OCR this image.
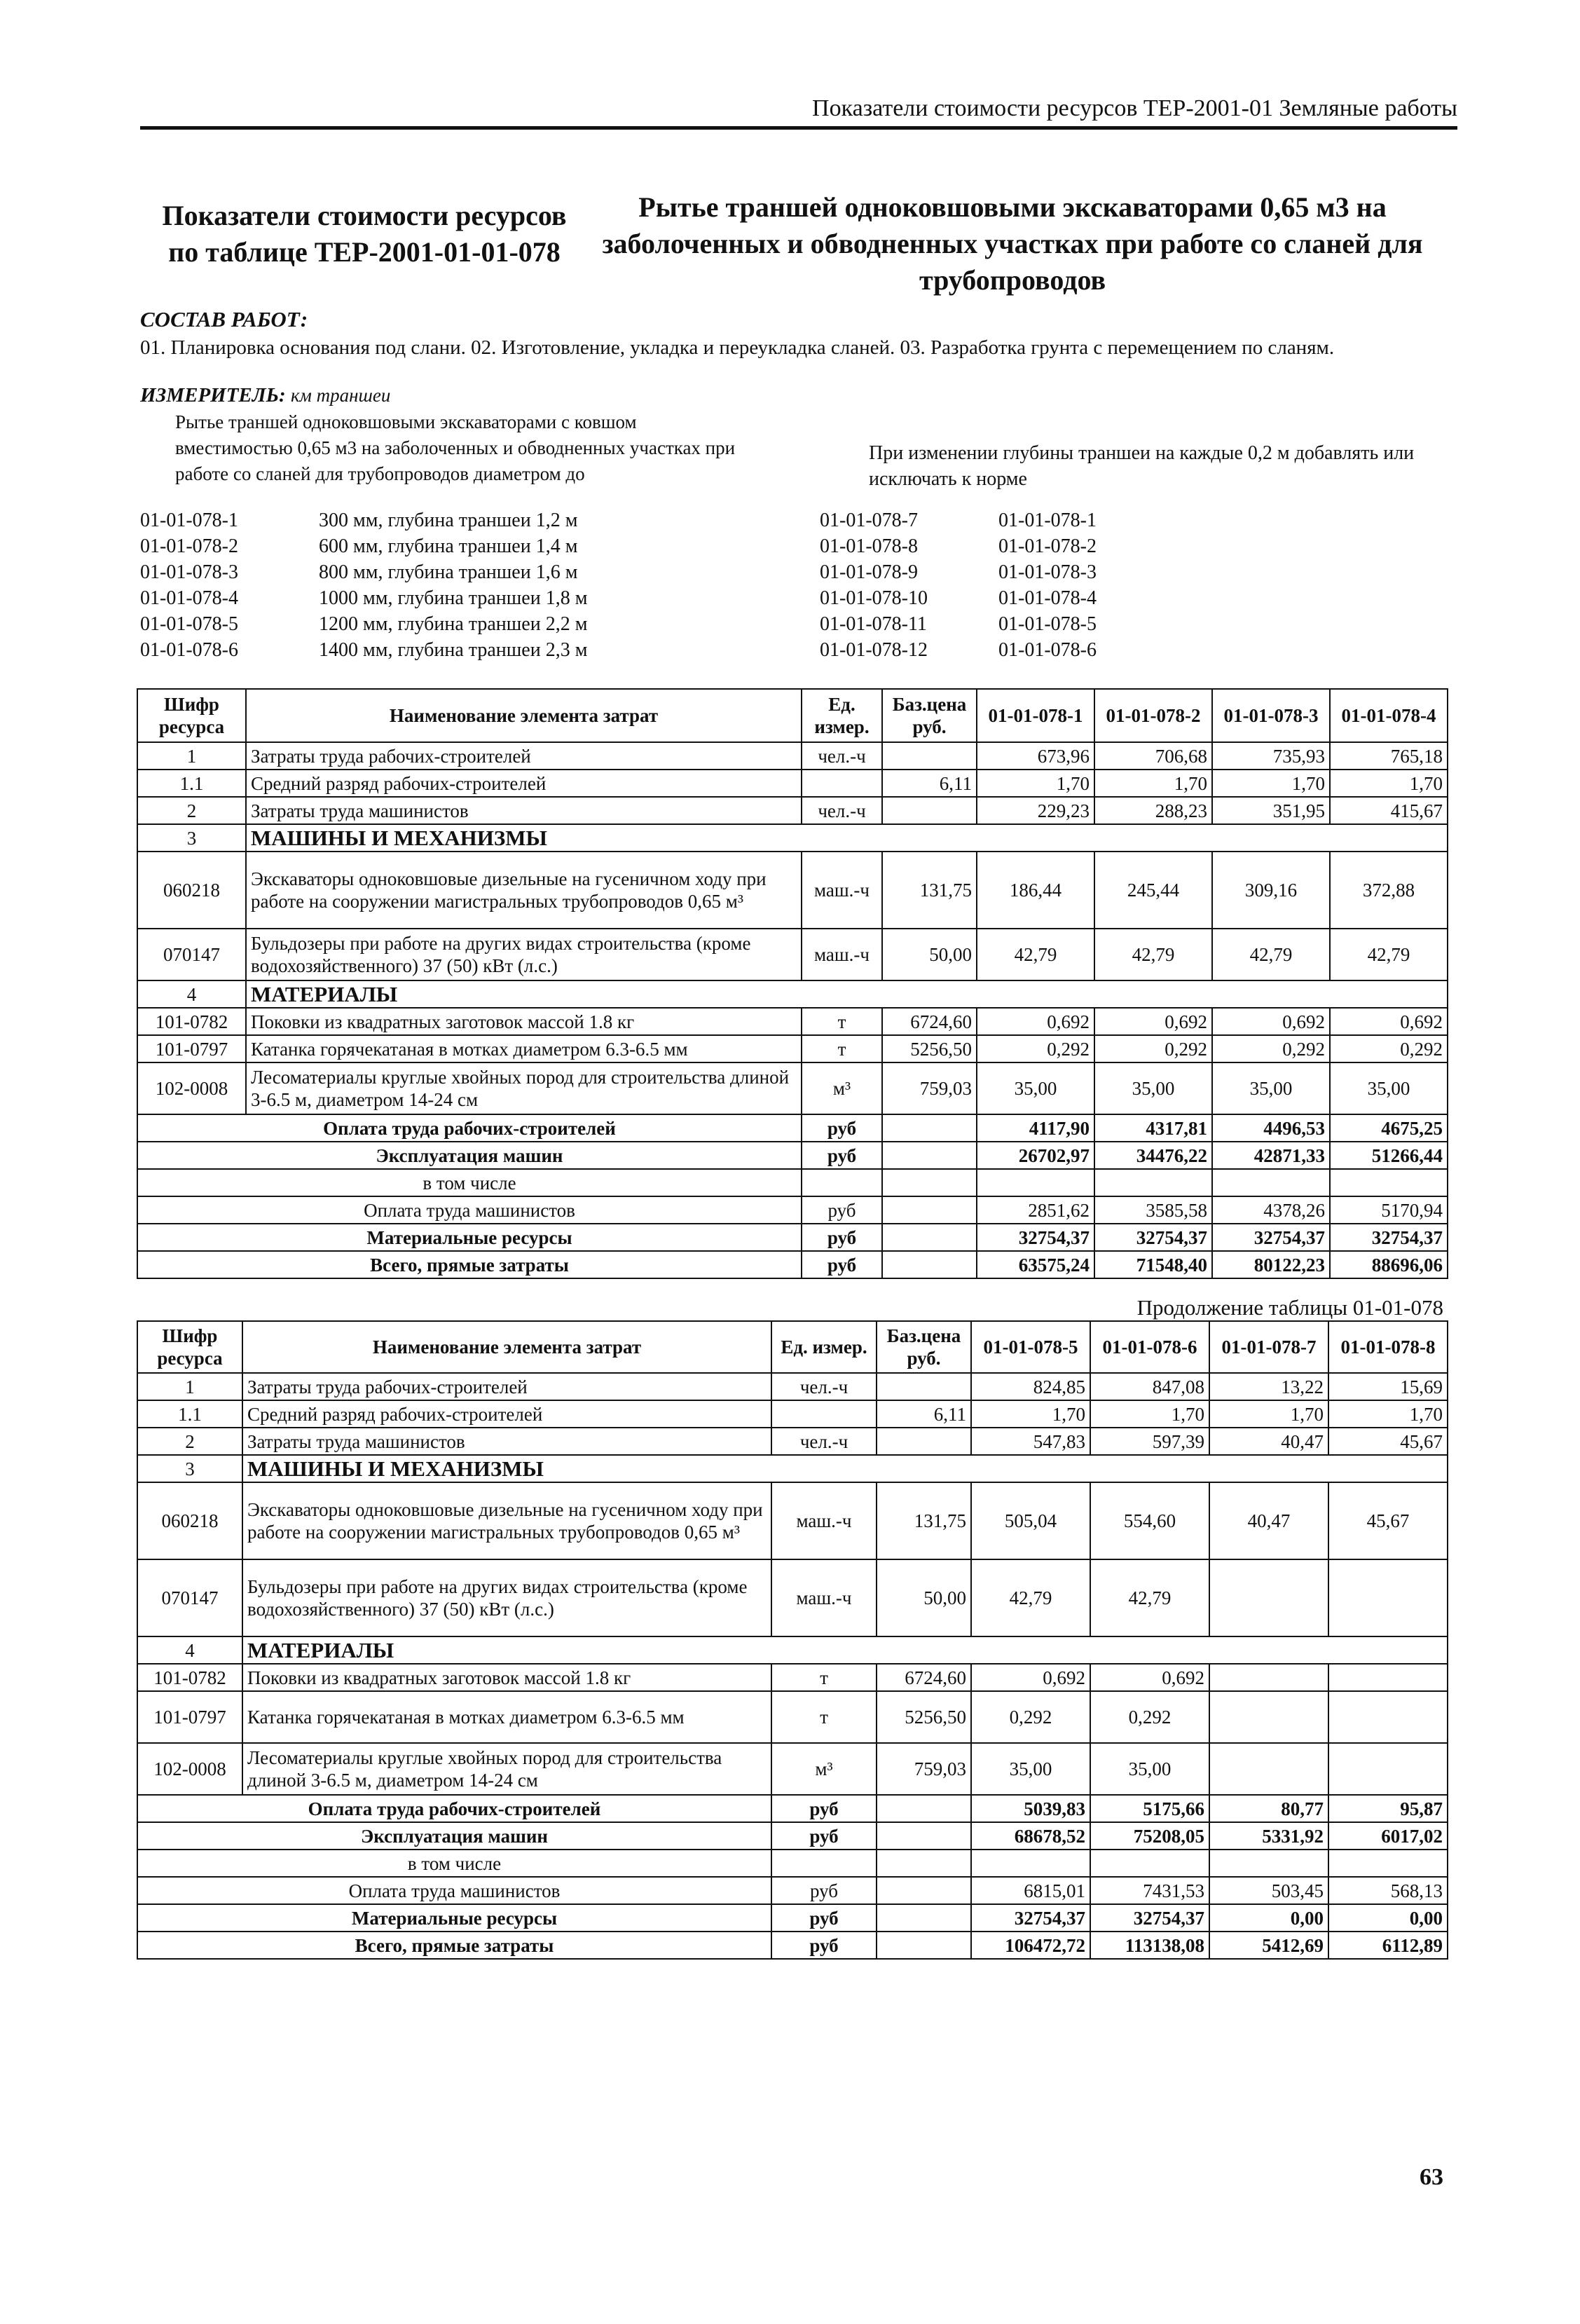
Показатели стоимости ресурсов ТЕР-2001-01 Земляные работы
Показатели стоимости ресурсов по таблице ТЕР-2001-01-01-078
Рытье траншей одноковшовыми экскаваторами 0,65 м3 на заболоченных и обводненных участках при работе со сланей для трубопроводов
СОСТАВ РАБОТ:
01. Планировка основания под слани. 02. Изготовление, укладка и переукладка сланей. 03. Разработка грунта с перемещением по сланям.
ИЗМЕРИТЕЛЬ: км траншеи
Рытье траншей одноковшовыми экскаваторами с ковшом вместимостью 0,65 м3 на заболоченных и обводненных участках при работе со сланей для трубопроводов диаметром до
При изменении глубины траншеи на каждые 0,2 м добавлять или исключать к норме
01-01-078-1	300 мм, глубина траншеи 1,2 м	01-01-078-7	01-01-078-1
01-01-078-2	600 мм, глубина траншеи 1,4 м	01-01-078-8	01-01-078-2
01-01-078-3	800 мм, глубина траншеи 1,6 м	01-01-078-9	01-01-078-3
01-01-078-4	1000 мм, глубина траншеи 1,8 м	01-01-078-10	01-01-078-4
01-01-078-5	1200 мм, глубина траншеи 2,2 м	01-01-078-11	01-01-078-5
01-01-078-6	1400 мм, глубина траншеи 2,3 м	01-01-078-12	01-01-078-6
Шифр ресурса	Наименование элемента затрат	Ед. измер.	Баз.цена руб.	01-01-078-1	01-01-078-2	01-01-078-3	01-01-078-4
1	Затраты труда рабочих-строителей	чел.-ч		673,96	706,68	735,93	765,18
1.1	Средний разряд рабочих-строителей		6,11	1,70	1,70	1,70	1,70
2	Затраты труда машинистов	чел.-ч		229,23	288,23	351,95	415,67
3	МАШИНЫ И МЕХАНИЗМЫ						
060218	Экскаваторы одноковшовые дизельные на гусеничном ходу при работе на сооружении магистральных трубопроводов 0,65 м³	маш.-ч	131,75	186,44	245,44	309,16	372,88
070147	Бульдозеры при работе на других видах строительства (кроме водохозяйственного) 37 (50) кВт (л.с.)	маш.-ч	50,00	42,79	42,79	42,79	42,79
4	МАТЕРИАЛЫ						
101-0782	Поковки из квадратных заготовок массой 1.8 кг	т	6724,60	0,692	0,692	0,692	0,692
101-0797	Катанка горячекатаная в мотках диаметром 6.3-6.5 мм	т	5256,50	0,292	0,292	0,292	0,292
102-0008	Лесоматериалы круглые хвойных пород для строительства длиной 3-6.5 м, диаметром 14-24 см	м³	759,03	35,00	35,00	35,00	35,00
Оплата труда рабочих-строителей		руб		4117,90	4317,81	4496,53	4675,25
Эксплуатация машин		руб		26702,97	34476,22	42871,33	51266,44
в том числе							
Оплата труда машинистов		руб		2851,62	3585,58	4378,26	5170,94
Материальные ресурсы		руб		32754,37	32754,37	32754,37	32754,37
Всего, прямые затраты		руб		63575,24	71548,40	80122,23	88696,06
Продолжение таблицы 01-01-078
Шифр ресурса	Наименование элемента затрат	Ед. измер.	Баз.цена руб.	01-01-078-5	01-01-078-6	01-01-078-7	01-01-078-8
1	Затраты труда рабочих-строителей	чел.-ч		824,85	847,08	13,22	15,69
1.1	Средний разряд рабочих-строителей		6,11	1,70	1,70	1,70	1,70
2	Затраты труда машинистов	чел.-ч		547,83	597,39	40,47	45,67
3	МАШИНЫ И МЕХАНИЗМЫ						
060218	Экскаваторы одноковшовые дизельные на гусеничном ходу при работе на сооружении магистральных трубопроводов 0,65 м³	маш.-ч	131,75	505,04	554,60	40,47	45,67
070147	Бульдозеры при работе на других видах строительства (кроме водохозяйственного) 37 (50) кВт (л.с.)	маш.-ч	50,00	42,79	42,79		
4	МАТЕРИАЛЫ						
101-0782	Поковки из квадратных заготовок массой 1.8 кг	т	6724,60	0,692	0,692		
101-0797	Катанка горячекатаная в мотках диаметром 6.3-6.5 мм	т	5256,50	0,292	0,292		
102-0008	Лесоматериалы круглые хвойных пород для строительства длиной 3-6.5 м, диаметром 14-24 см	м³	759,03	35,00	35,00		
Оплата труда рабочих-строителей		руб		5039,83	5175,66	80,77	95,87
Эксплуатация машин		руб		68678,52	75208,05	5331,92	6017,02
в том числе							
Оплата труда машинистов		руб		6815,01	7431,53	503,45	568,13
Материальные ресурсы		руб		32754,37	32754,37	0,00	0,00
Всего, прямые затраты		руб		106472,72	113138,08	5412,69	6112,89
63
